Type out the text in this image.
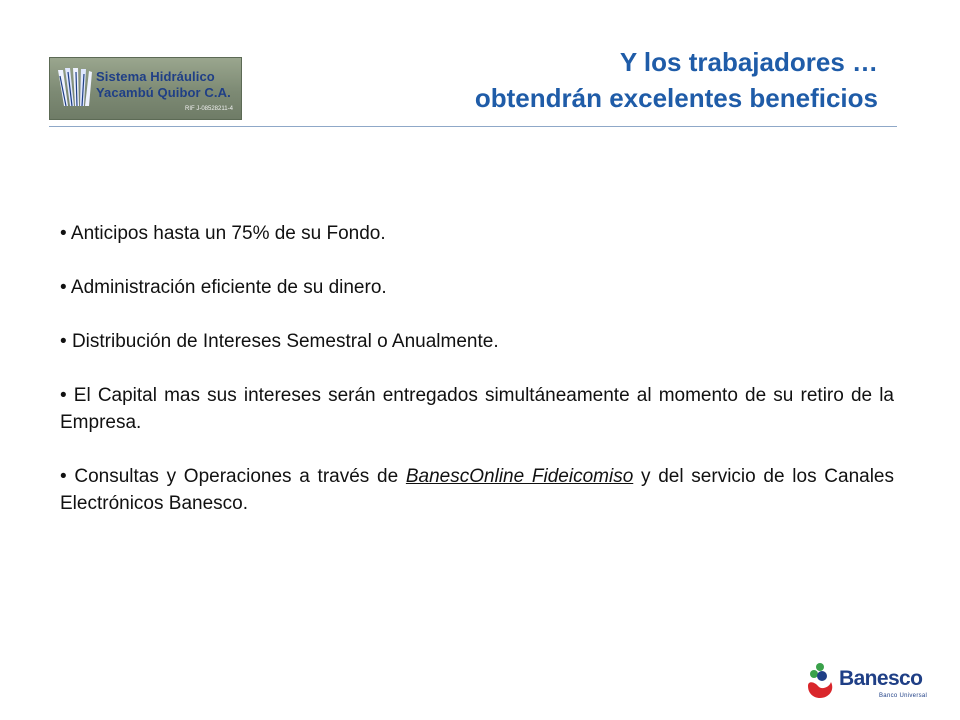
Sistema Hidráulico
Yacambú Quibor C.A.
RIF J-08528211-4
Y los trabajadores …
obtendrán excelentes beneficios

• Anticipos hasta un 75% de su Fondo.

• Administración eficiente de su dinero.

• Distribución de Intereses Semestral o Anualmente.

• El Capital mas sus intereses serán entregados simultáneamente al momento de su retiro de la Empresa.

• Consultas y Operaciones a través de BanescOnline Fideicomiso y del servicio de los Canales Electrónicos Banesco.

Banesco
Banco Universal
